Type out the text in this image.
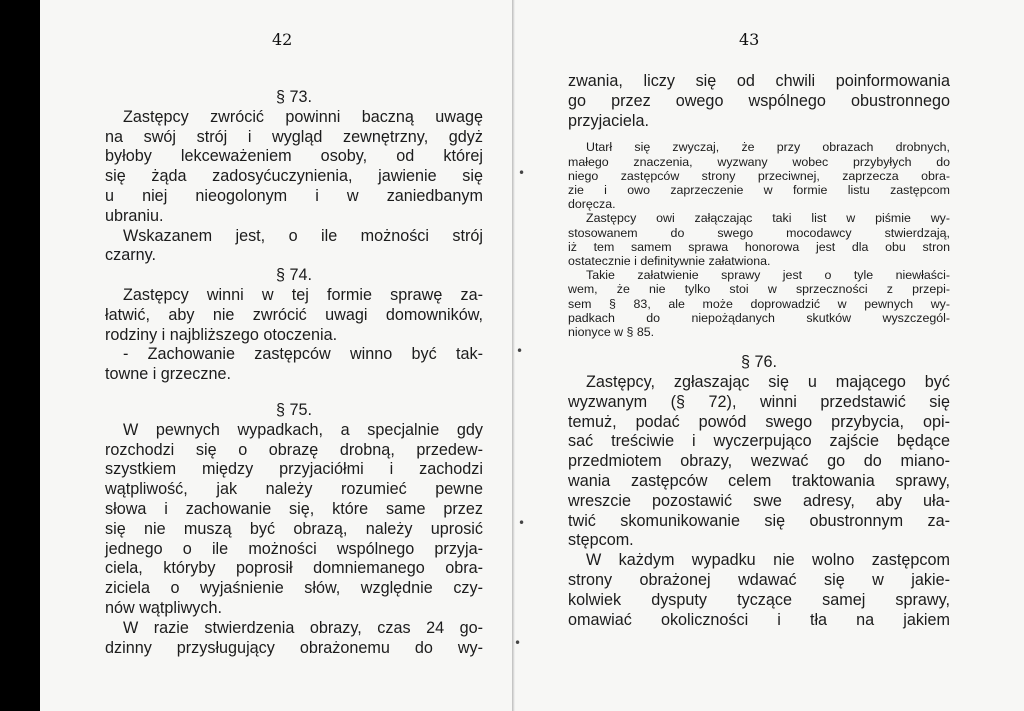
42

§ 73.

Zastępcy zwrócić powinni baczną uwagę

na swój strój i wygląd zewnętrzny, gdyż

byłoby lekceważeniem osoby, od której

się żąda zadosyćuczynienia, jawienie się

u niej nieogolonym i w zaniedbanym

ubraniu.

Wskazanem jest, o ile możności strój

czarny.

§ 74.

Zastępcy winni w tej formie sprawę za-

łatwić, aby nie zwrócić uwagi domowników,

rodziny i najbliższego otoczenia.

- Zachowanie zastępców winno być tak-

towne i grzeczne.

§ 75.

W pewnych wypadkach, a specjalnie gdy

rozchodzi się o obrazę drobną, przedew-

szystkiem między przyjaciółmi i zachodzi

wątpliwość, jak należy rozumieć pewne

słowa i zachowanie się, które same przez

się nie muszą być obrazą, należy uprosić

jednego o ile możności wspólnego przyja-

ciela, któryby poprosił domniemanego obra-

ziciela o wyjaśnienie słów, względnie czy-

nów wątpliwych.

W razie stwierdzenia obrazy, czas 24 go-

dzinny przysługujący obrażonemu do wy-

43
•
•
•
•

zwania, liczy się od chwili poinformowania

go przez owego wspólnego obustronnego

przyjaciela.

Utarł się zwyczaj, że przy obrazach drobnych,

małego znaczenia, wyzwany wobec przybyłych do

niego zastępców strony przeciwnej, zaprzecza obra-

zie i owo zaprzeczenie w formie listu zastępcom

doręcza.

Zastępcy owi załączając taki list w piśmie wy-

stosowanem do swego mocodawcy stwierdzają,

iż tem samem sprawa honorowa jest dla obu stron

ostatecznie i definitywnie załatwiona.

Takie załatwienie sprawy jest o tyle niewłaści-

wem, że nie tylko stoi w sprzeczności z przepi-

sem § 83, ale może doprowadzić w pewnych wy-

padkach do niepożądanych skutków wyszczegól-

nionyce w § 85.

§ 76.

Zastępcy, zgłaszając się u mającego być

wyzwanym (§ 72), winni przedstawić się

temuż, podać powód swego przybycia, opi-

sać treściwie i wyczerpująco zajście będące

przedmiotem obrazy, wezwać go do miano-

wania zastępców celem traktowania sprawy,

wreszcie pozostawić swe adresy, aby uła-

twić skomunikowanie się obustronnym za-

stępcom.

W każdym wypadku nie wolno zastępcom

strony obrażonej wdawać się w jakie-

kolwiek dysputy tyczące samej sprawy,

omawiać okoliczności i tła na jakiem
